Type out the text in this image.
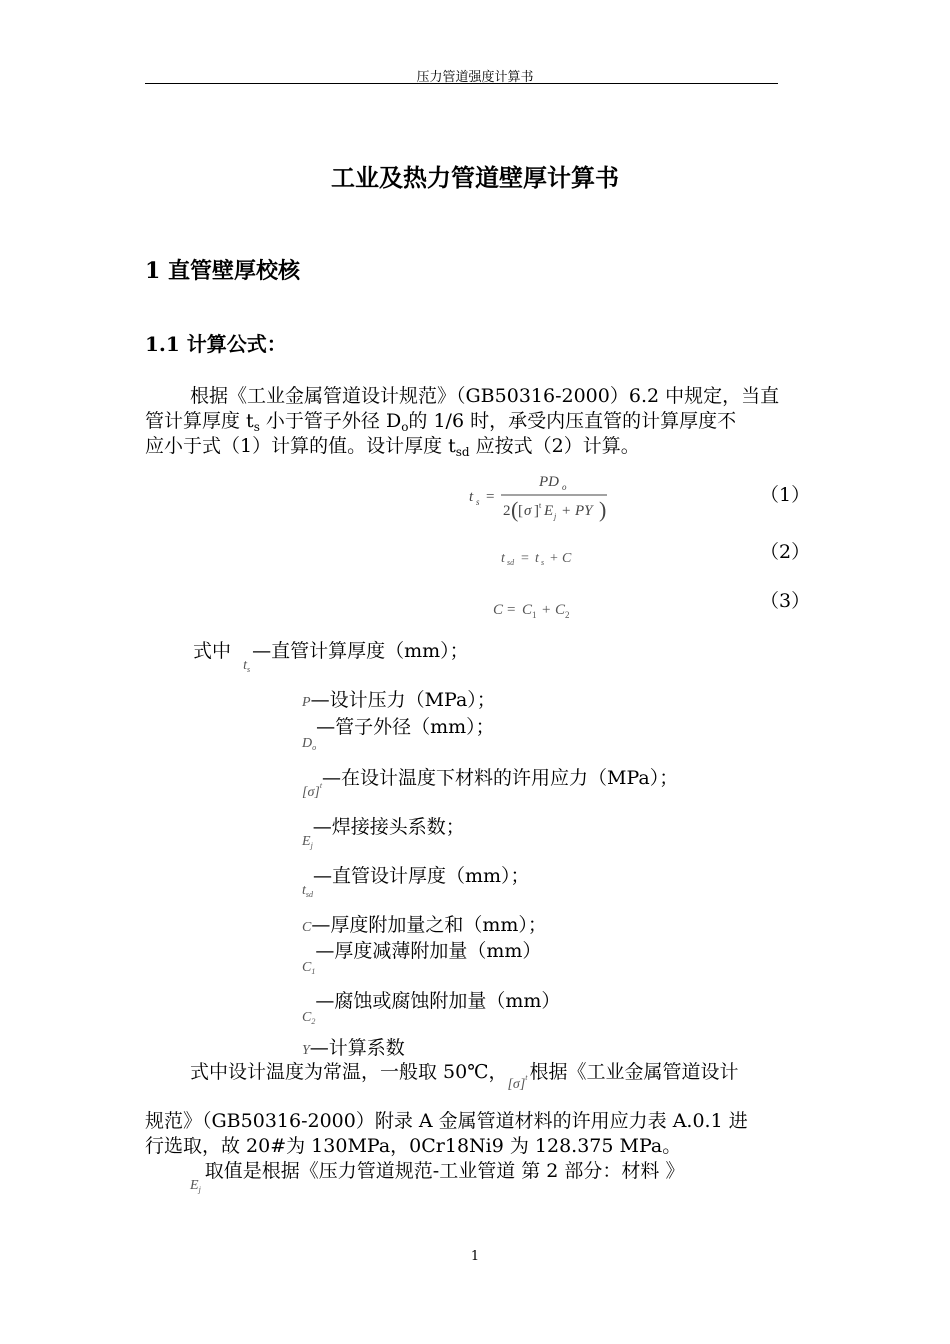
压力管道强度计算书
工业及热力管道壁厚计算书
1 直管壁厚校核
1.1 计算公式：
根据《工业金属管道设计规范》（GB50316-2000）6.2 中规定，当直
管计算厚度 $t_s$ 小于管子外径 $D_o$的 1/6 时，承受内压直管的计算厚度不
应小于式（1）计算的值。设计厚度 $t_{sd}$ 应按式（2）计算。
t s =
PD o
2 ( [ σ ] t E j + PY )
（1）
t sd = t s + C	（2）
C = C 1 + C 2
（3）
式中 $t_s—$直管计算厚度（mm）；
P—设计压力（MPa）；
$D_o—$管子外径（mm）；
$[\sigma]^t—$在设计温度下材料的许用应力（MPa）；
$E_j—$焊接接头系数；
$t_{sd}—$直管设计厚度（mm）；
C—厚度附加量之和（mm）；
$C_1—$厚度减薄附加量（mm）
$C_2—$腐蚀或腐蚀附加量（mm）
Y—计算系数
式中设计温度为常温，一般取 50℃，$[\sigma]^t$ 根据《工业金属管道设计
规范》（GB50316-2000）附录 A 金属管道材料的许用应力表 A.0.1 进
行选取，故 20#为 130MPa，0Cr18Ni9 为 128.375 MPa。
$E_j$取值是根据《压力管道规范-工业管道 第 2 部分：材料 》
1
